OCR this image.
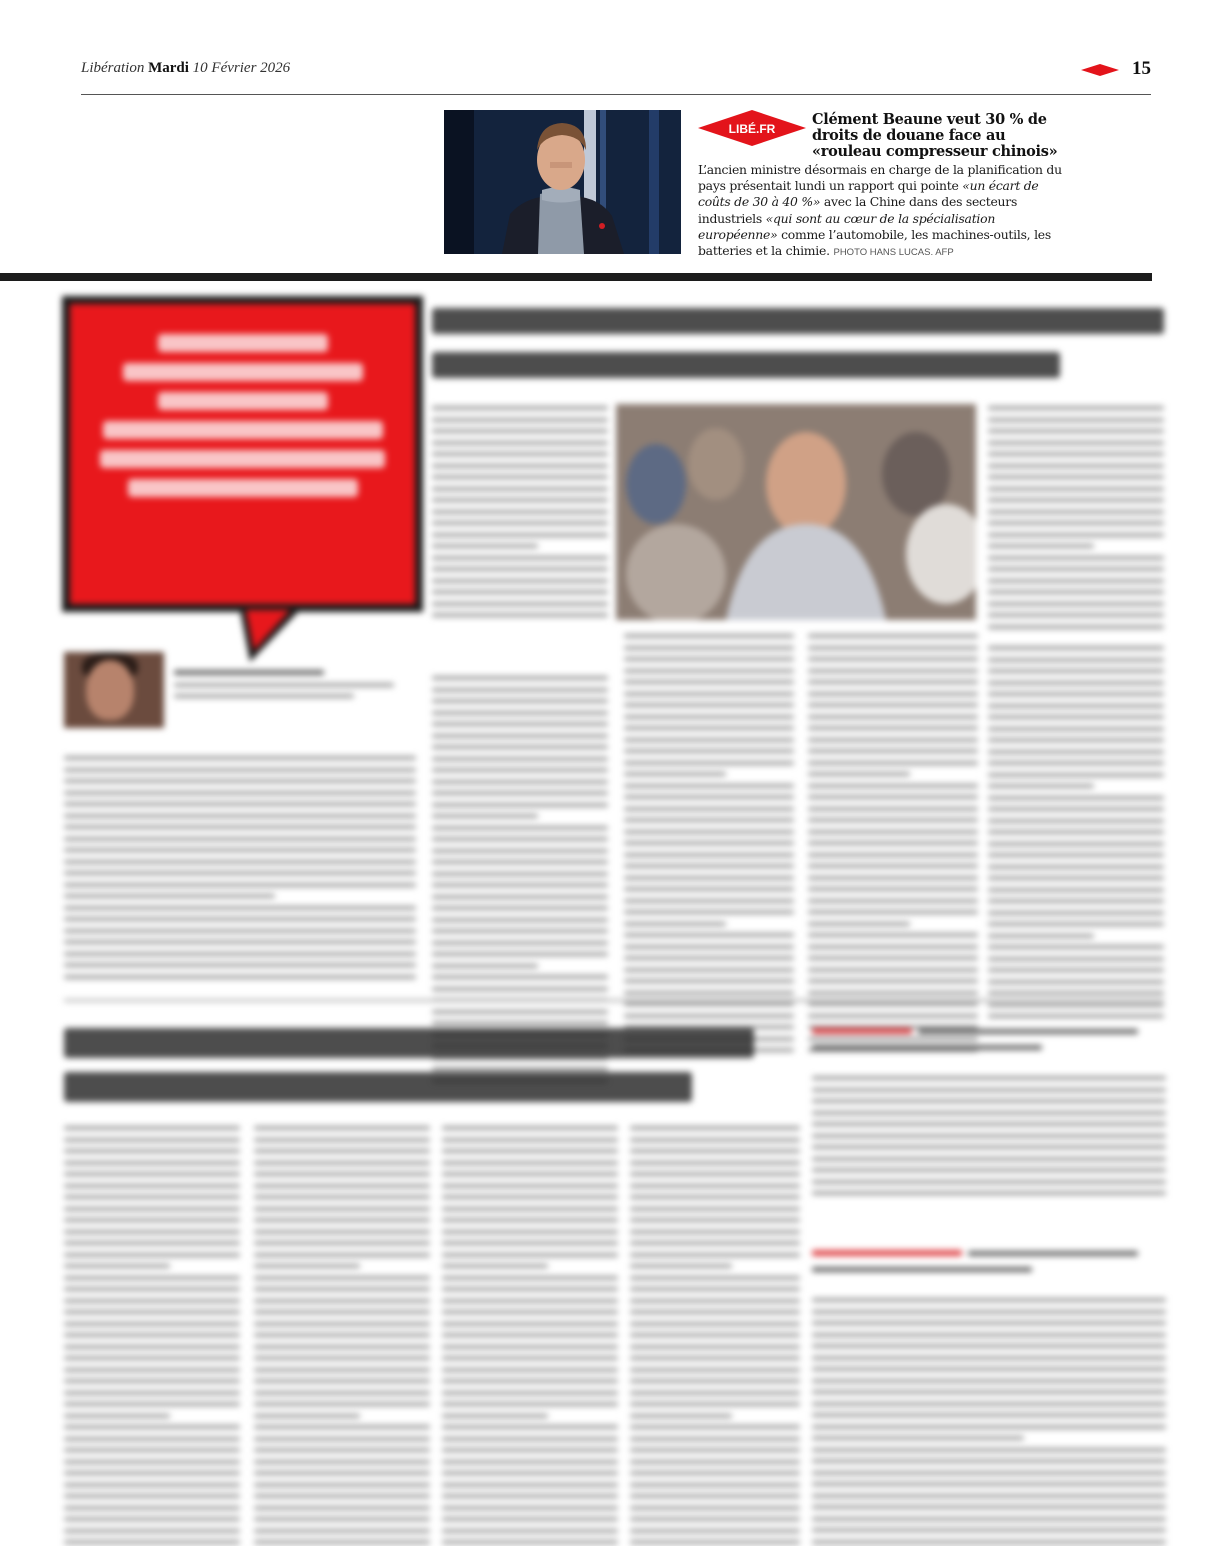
Libération Mardi 10 Février 2026	15
LIBÉ.FR
Clément Beaune veut 30 % de droits de douane face au «rouleau compresseur chinois»
L’ancien ministre désormais en charge de la planification du pays présentait lundi un rapport qui pointe «un écart de coûts de 30 à 40 %» avec la Chine dans des secteurs industriels «qui sont au cœur de la spécialisation européenne» comme l’automobile, les machines-outils, les batteries et la chimie. PHOTO HANS LUCAS. AFP
